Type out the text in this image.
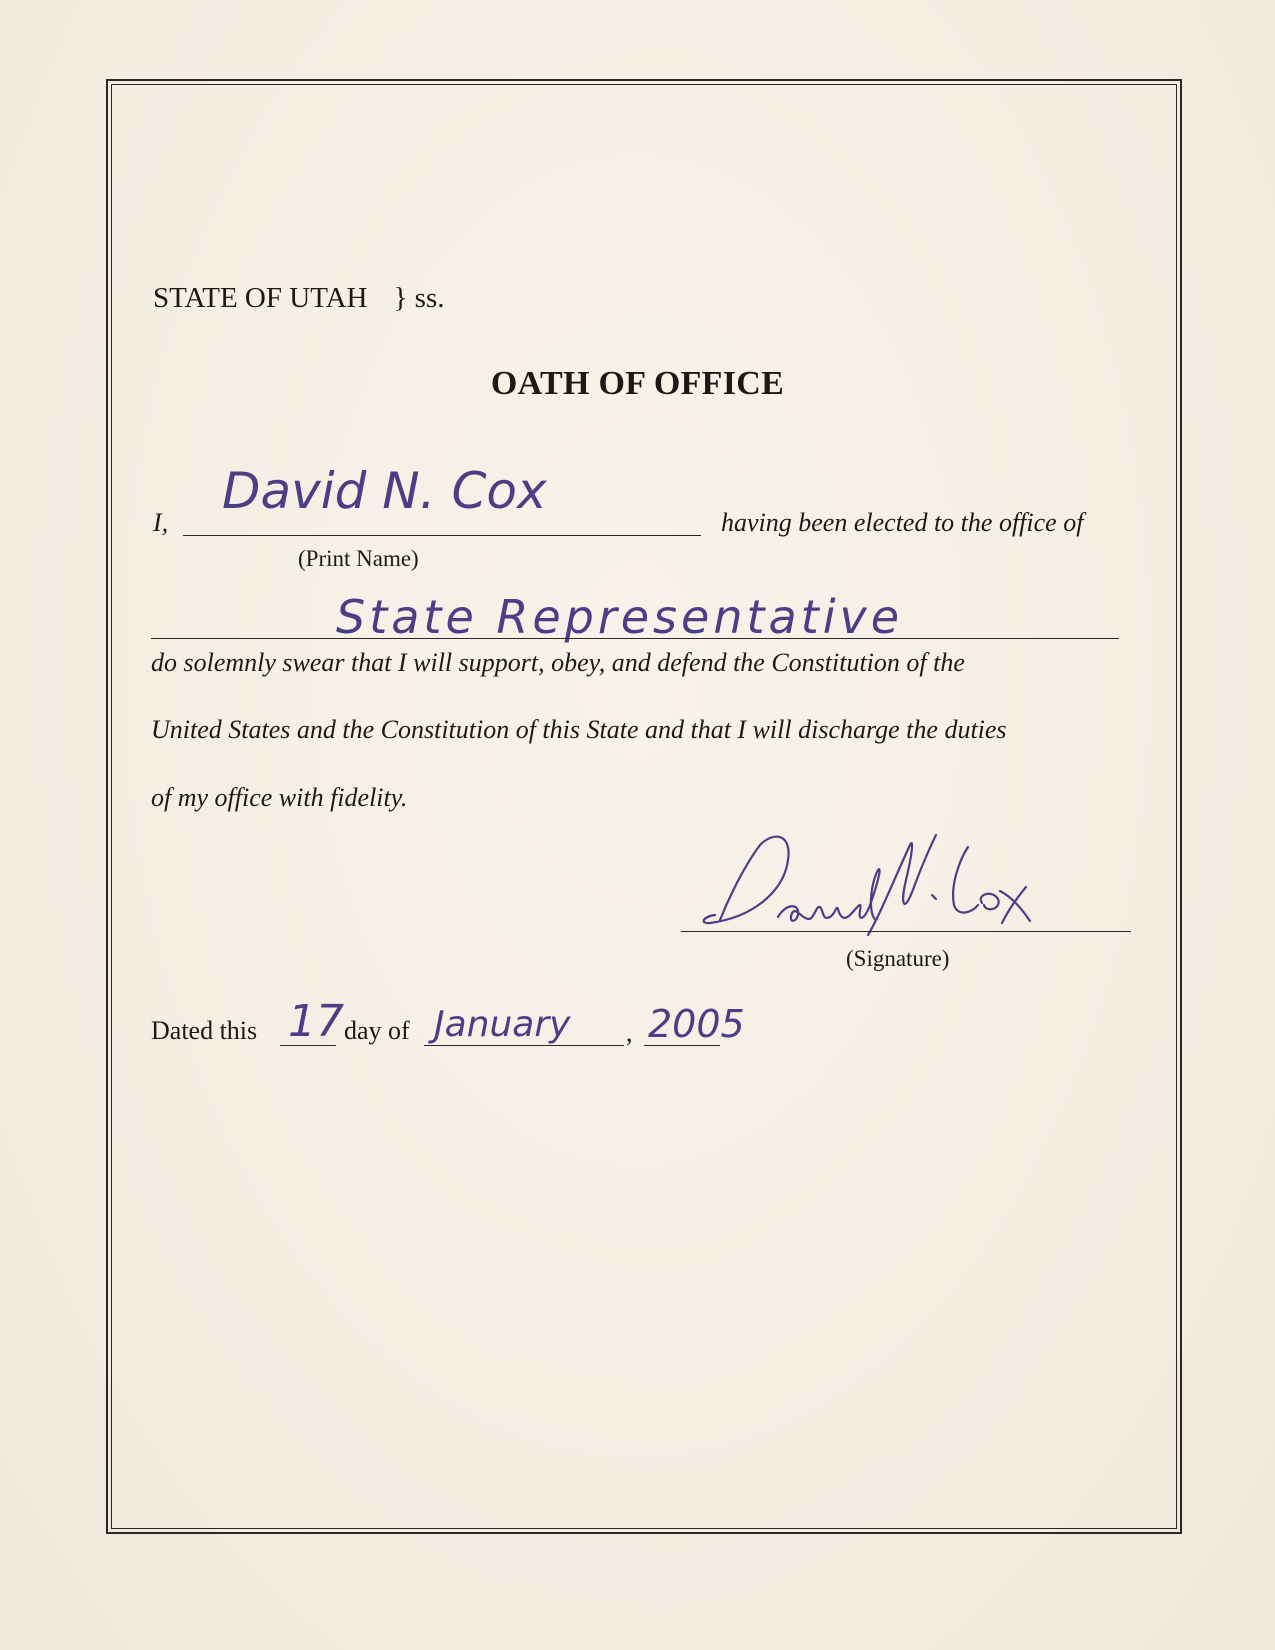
STATE OF UTAH } ss.
OATH OF OFFICE
I,
David N. Cox
having been elected to the office of
(Print Name)
State Representative
do solemnly swear that I will support, obey, and defend the Constitution of the
United States and the Constitution of this State and that I will discharge the duties
of my office with fidelity.
(Signature)
Dated this 17 day of January , 2005
